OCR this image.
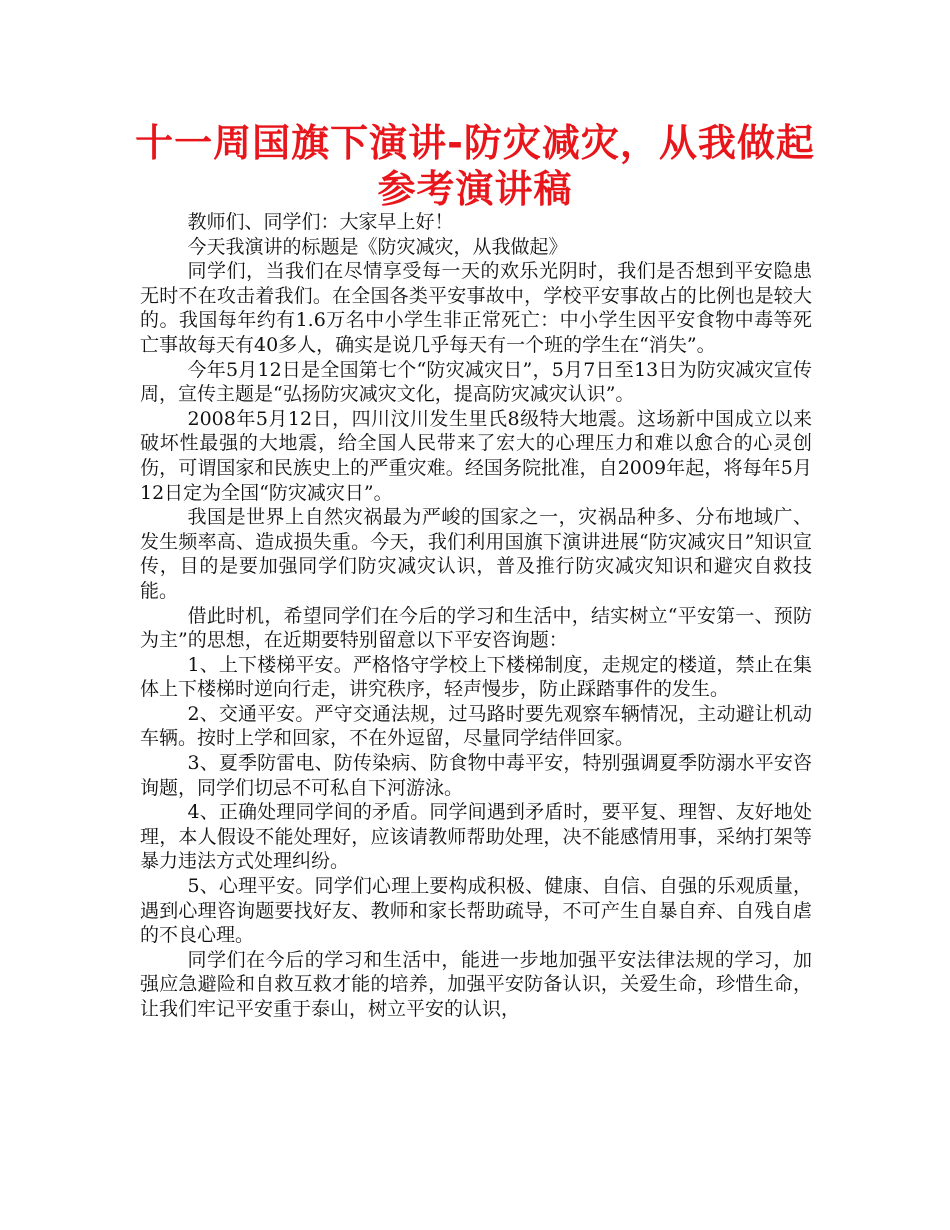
十一周国旗下演讲-防灾减灾，从我做起参考演讲稿

教师们、同学们：大家早上好！

今天我演讲的标题是《防灾减灾，从我做起》

同学们，当我们在尽情享受每一天的欢乐光阴时，我们是否想到平安隐患无时不在攻击着我们。在全国各类平安事故中，学校平安事故占的比例也是较大的。我国每年约有1.6万名中小学生非正常死亡：中小学生因平安食物中毒等死亡事故每天有40多人，确实是说几乎每天有一个班的学生在“消失”。

今年5月12日是全国第七个“防灾减灾日”，5月7日至13日为防灾减灾宣传周，宣传主题是“弘扬防灾减灾文化，提高防灾减灾认识”。

2008年5月12日，四川汶川发生里氏8级特大地震。这场新中国成立以来破坏性最强的大地震，给全国人民带来了宏大的心理压力和难以愈合的心灵创伤，可谓国家和民族史上的严重灾难。经国务院批准，自2009年起，将每年5月12日定为全国“防灾减灾日”。

我国是世界上自然灾祸最为严峻的国家之一，灾祸品种多、分布地域广、发生频率高、造成损失重。今天，我们利用国旗下演讲进展“防灾减灾日”知识宣传，目的是要加强同学们防灾减灾认识，普及推行防灾减灾知识和避灾自救技能。

借此时机，希望同学们在今后的学习和生活中，结实树立“平安第一、预防为主”的思想，在近期要特别留意以下平安咨询题：

1、上下楼梯平安。严格恪守学校上下楼梯制度，走规定的楼道，禁止在集体上下楼梯时逆向行走，讲究秩序，轻声慢步，防止踩踏事件的发生。

2、交通平安。严守交通法规，过马路时要先观察车辆情况，主动避让机动车辆。按时上学和回家，不在外逗留，尽量同学结伴回家。

3、夏季防雷电、防传染病、防食物中毒平安，特别强调夏季防溺水平安咨询题，同学们切忌不可私自下河游泳。

4、正确处理同学间的矛盾。同学间遇到矛盾时，要平复、理智、友好地处理，本人假设不能处理好，应该请教师帮助处理，决不能感情用事，采纳打架等暴力违法方式处理纠纷。

5、心理平安。同学们心理上要构成积极、健康、自信、自强的乐观质量，遇到心理咨询题要找好友、教师和家长帮助疏导，不可产生自暴自弃、自残自虐的不良心理。

同学们在今后的学习和生活中，能进一步地加强平安法律法规的学习，加强应急避险和自救互救才能的培养，加强平安防备认识，关爱生命，珍惜生命，让我们牢记平安重于泰山，树立平安的认识，
